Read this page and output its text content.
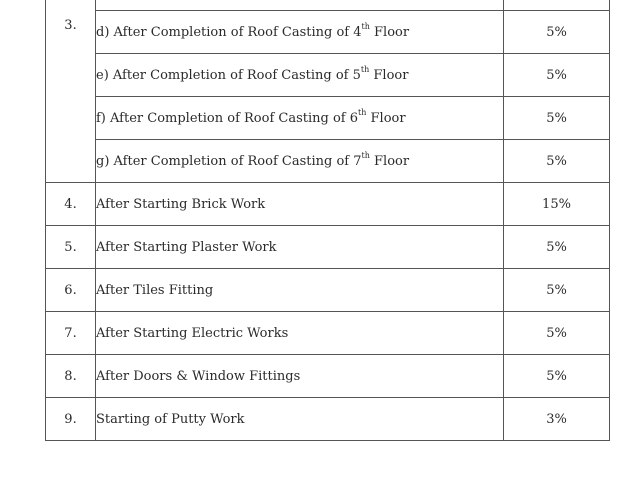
3.		
	d) After Completion of Roof Casting of 4th Floor	5%
	e) After Completion of Roof Casting of 5th Floor	5%
	f) After Completion of Roof Casting of 6th Floor	5%
	g) After Completion of Roof Casting of 7th Floor	5%
4.	After Starting Brick Work	15%
5.	After Starting Plaster Work	5%
6.	After Tiles Fitting	5%
7.	After Starting Electric Works	5%
8.	After Doors & Window Fittings	5%
9.	Starting of Putty Work	3%
